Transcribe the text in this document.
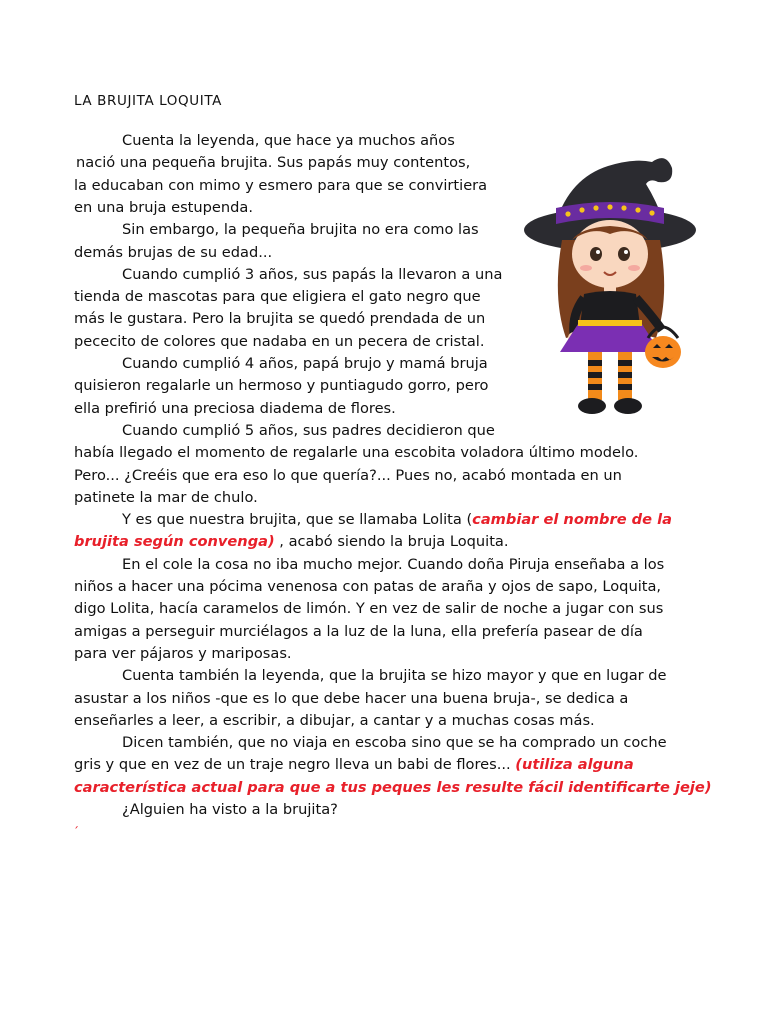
LA BRUJITA LOQUITA
Cuenta la leyenda, que hace ya muchos años
nació una pequeña brujita. Sus papás muy contentos,
la educaban con mimo y esmero para que se convirtiera
en una bruja estupenda.
Sin embargo, la pequeña brujita no era como las
demás brujas de su edad...
Cuando cumplió 3 años, sus papás la llevaron a una
tienda de mascotas para que eligiera el gato negro que
más le gustara. Pero la brujita se quedó prendada de un
pececito de colores que nadaba en un pecera de cristal.
Cuando cumplió 4 años, papá brujo y mamá bruja
quisieron regalarle un hermoso y puntiagudo gorro, pero
ella prefirió una preciosa diadema de flores.
Cuando cumplió 5 años, sus padres decidieron que
había llegado el momento de regalarle una escobita voladora último modelo.
Pero... ¿Creéis que era eso lo que quería?... Pues no, acabó montada en un
patinete la mar de chulo.
Y es que nuestra brujita, que se llamaba Lolita (cambiar el nombre de la
brujita según convenga) , acabó siendo la bruja Loquita.
En el cole la cosa no iba mucho mejor. Cuando doña Piruja enseñaba a los
niños a hacer una pócima venenosa con patas de araña y ojos de sapo, Loquita,
digo Lolita, hacía caramelos de limón. Y en vez de salir de noche a jugar con sus
amigas a perseguir murciélagos a la luz de la luna, ella prefería pasear de día
para ver pájaros y mariposas.
Cuenta también la leyenda, que la brujita se hizo mayor y que en lugar de
asustar a los niños -que es lo que debe hacer una buena bruja-, se dedica a
enseñarles a leer, a escribir, a dibujar, a cantar y a muchas cosas más.
Dicen también, que no viaja en escoba sino que se ha comprado un coche
gris y que en vez de un traje negro lleva un babi de flores... (utiliza alguna
característica actual para que a tus peques les resulte fácil identificarte jeje)
¿Alguien ha visto a la brujita?
´
